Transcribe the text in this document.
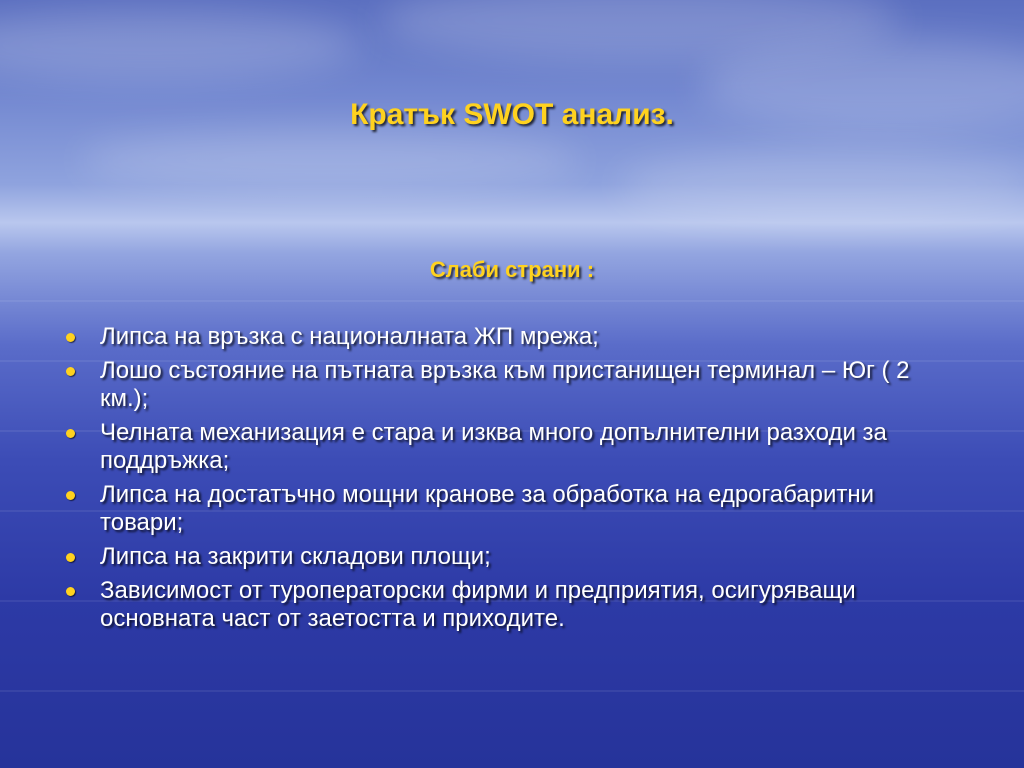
Кратък SWOT анализ.
Слаби страни :
Липса на връзка с националната ЖП мрежа;
Лошо състояние на пътната връзка към пристанищен терминал – Юг ( 2 км.);
Челната механизация е стара и изква много допълнителни разходи за поддръжка;
Липса на достатъчно мощни кранове за обработка на едрогабаритни товари;
Липса на закрити складови площи;
Зависимост от туроператорски фирми и предприятия, осигуряващи основната част от заетостта и приходите.
